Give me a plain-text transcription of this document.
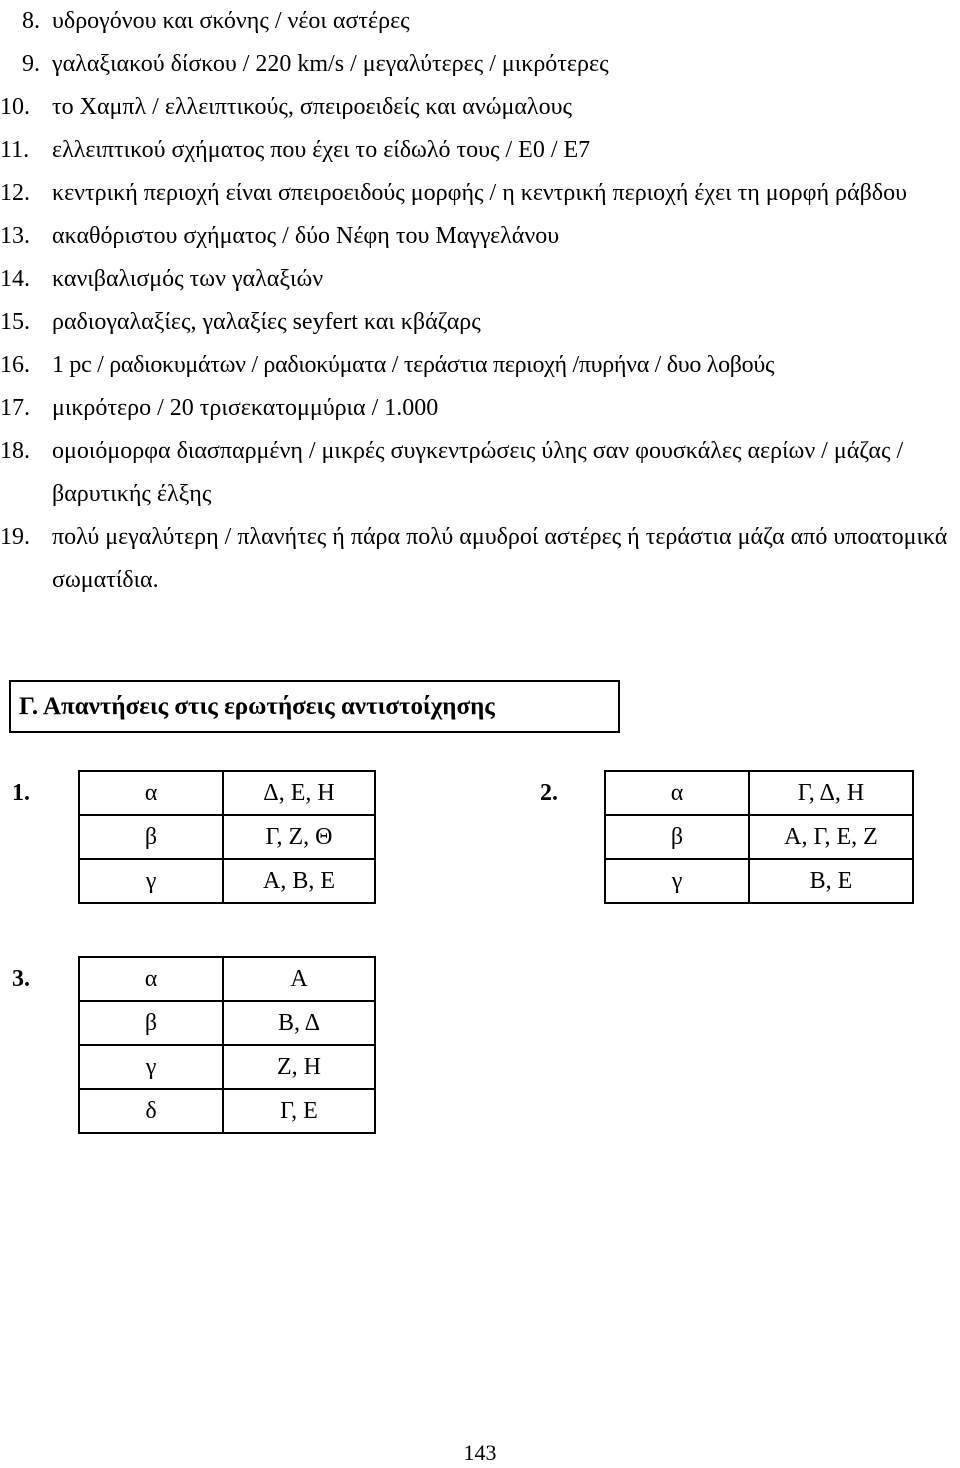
8. υδρογόνου και σκόνης / νέοι αστέρες
9. γαλαξιακού δίσκου / 220 km/s / μεγαλύτερες / μικρότερες
10. το Χαμπλ / ελλειπτικούς, σπειροειδείς και ανώμαλους
11. ελλειπτικού σχήματος που έχει το είδωλό τους / Ε0 / Ε7
12. κεντρική περιοχή είναι σπειροειδούς μορφής / η κεντρική περιοχή έχει τη μορφή ράβδου
13. ακαθόριστου σχήματος / δύο Νέφη του Μαγγελάνου
14. κανιβαλισμός των γαλαξιών
15. ραδιογαλαξίες, γαλαξίες seyfert και κβάζαρς
16. 1 pc / ραδιοκυμάτων / ραδιοκύματα / τεράστια περιοχή /πυρήνα / δυο λοβούς
17. μικρότερο / 20 τρισεκατομμύρια / 1.000
18. ομοιόμορφα διασπαρμένη / μικρές συγκεντρώσεις ύλης σαν φουσκάλες αερίων / μάζας / βαρυτικής έλξης
19. πολύ μεγαλύτερη / πλανήτες ή πάρα πολύ αμυδροί αστέρες ή τεράστια μάζα από υποατομικά σωματίδια.
Γ. Απαντήσεις στις ερωτήσεις αντιστοίχησης
1.	α	Δ, Ε, Η
β	Γ, Ζ, Θ
γ	Α, Β, Ε
2.	α	Γ, Δ, Η
β	Α, Γ, Ε, Ζ
γ	Β, Ε
3.	α	Α
β	Β, Δ
γ	Ζ, Η
δ	Γ, Ε
143
